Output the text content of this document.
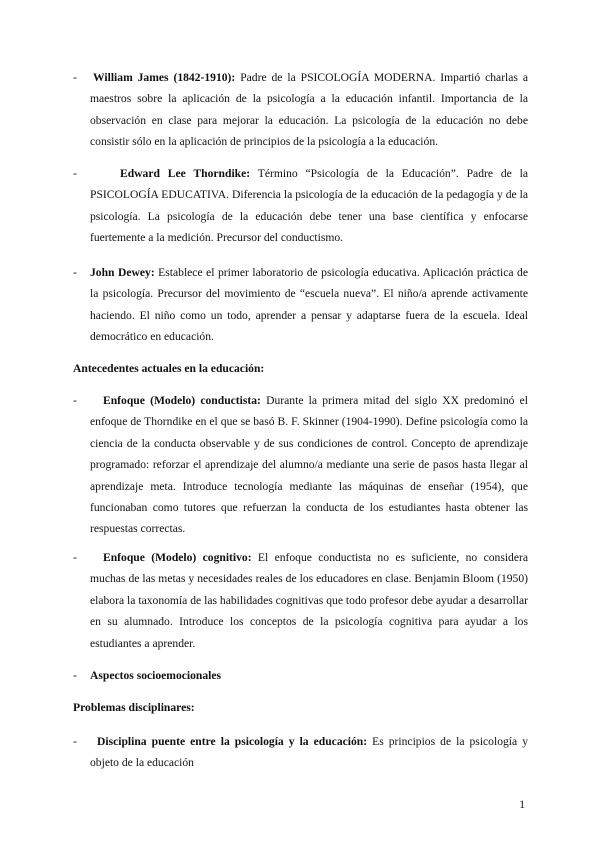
- William James (1842-1910): Padre de la PSICOLOGÍA MODERNA. Impartió charlas a maestros sobre la aplicación de la psicología a la educación infantil. Importancia de la observación en clase para mejorar la educación. La psicología de la educación no debe consistir sólo en la aplicación de principios de la psicología a la educación.

-	Edward Lee Thorndike: Término “Psicología de la Educación”. Padre de la PSICOLOGÍA EDUCATIVA. Diferencia la psicología de la educación de la pedagogía y de la psicología. La psicología de la educación debe tener una base científica y enfocarse fuertemente a la medición. Precursor del conductismo.

- John Dewey: Establece el primer laboratorio de psicología educativa. Aplicación práctica de la psicología. Precursor del movimiento de “escuela nueva”. El niño/a aprende activamente haciendo. El niño como un todo, aprender a pensar y adaptarse fuera de la escuela. Ideal democrático en educación.

Antecedentes actuales en la educación:
-	Enfoque (Modelo) conductista: Durante la primera mitad del siglo XX predominó el enfoque de Thorndike en el que se basó B. F. Skinner (1904-1990). Define psicología como la ciencia de la conducta observable y de sus condiciones de control. Concepto de aprendizaje programado: reforzar el aprendizaje del alumno/a mediante una serie de pasos hasta llegar al aprendizaje meta. Introduce tecnología mediante las máquinas de enseñar (1954), que funcionaban como tutores que refuerzan la conducta de los estudiantes hasta obtener las respuestas correctas.

-	Enfoque (Modelo) cognitivo: El enfoque conductista no es suficiente, no considera muchas de las metas y necesidades reales de los educadores en clase. Benjamin Bloom (1950) elabora la taxonomía de las habilidades cognitivas que todo profesor debe ayudar a desarrollar en su alumnado. Introduce los conceptos de la psicología cognitiva para ayudar a los estudiantes a aprender.

- Aspectos socioemocionales

Problemas disciplinares:
-	Disciplina puente entre la psicología y la educación: Es principios de la psicología y objeto de la educación

1
